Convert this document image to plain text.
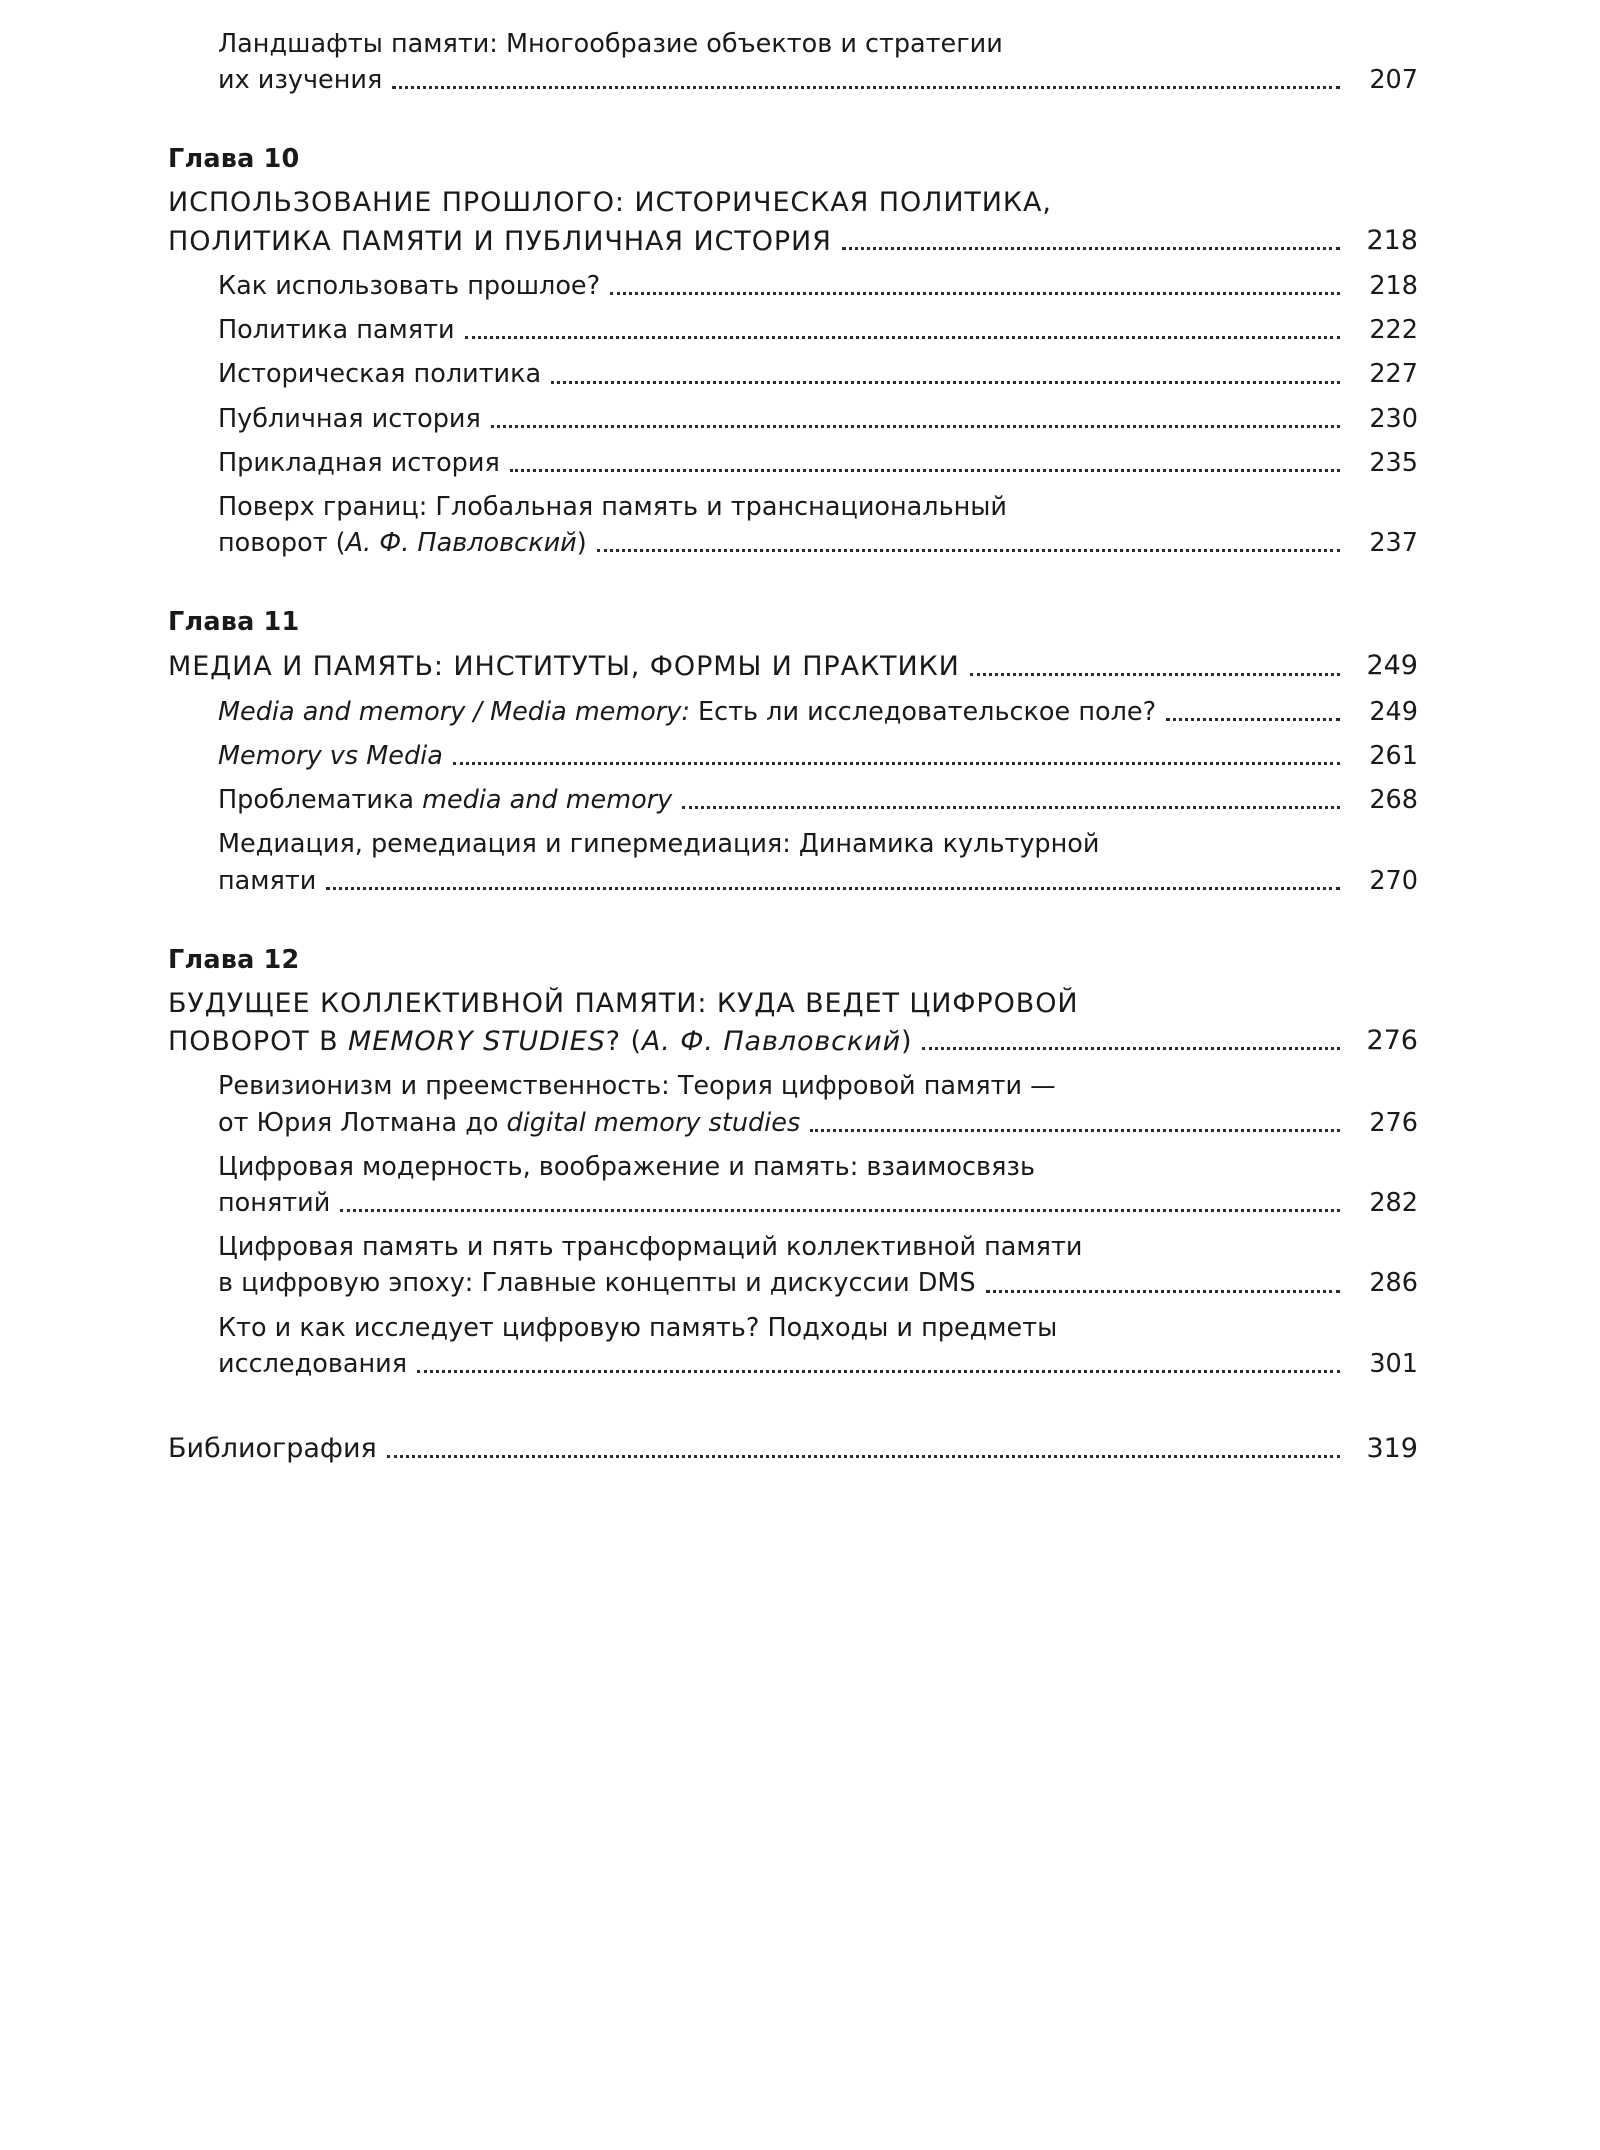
Ландшафты памяти: Многообразие объектов и стратегии
их изучения	207
Глава 10
ИСПОЛЬЗОВАНИЕ ПРОШЛОГО: ИСТОРИЧЕСКАЯ ПОЛИТИКА,
ПОЛИТИКА ПАМЯТИ И ПУБЛИЧНАЯ ИСТОРИЯ	218
Как использовать прошлое?	218
Политика памяти	222
Историческая политика	227
Публичная история	230
Прикладная история	235
Поверх границ: Глобальная память и транснациональный
поворот (А. Ф. Павловский)	237
Глава 11
МЕДИА И ПАМЯТЬ: ИНСТИТУТЫ, ФОРМЫ И ПРАКТИКИ	249
Media and memory / Media memory: Есть ли исследовательское поле?	249
Memory vs Media	261
Проблематика media and memory	268
Медиация, ремедиация и гипермедиация: Динамика культурной
памяти	270
Глава 12
БУДУЩЕЕ КОЛЛЕКТИВНОЙ ПАМЯТИ: КУДА ВЕДЕТ ЦИФРОВОЙ
ПОВОРОТ В MEMORY STUDIES? (А. Ф. Павловский)	276
Ревизионизм и преемственность: Теория цифровой памяти —
от Юрия Лотмана до digital memory studies	276
Цифровая модерность, воображение и память: взаимосвязь
понятий	282
Цифровая память и пять трансформаций коллективной памяти
в цифровую эпоху: Главные концепты и дискуссии DMS	286
Кто и как исследует цифровую память? Подходы и предметы
исследования	301
Библиография	319
